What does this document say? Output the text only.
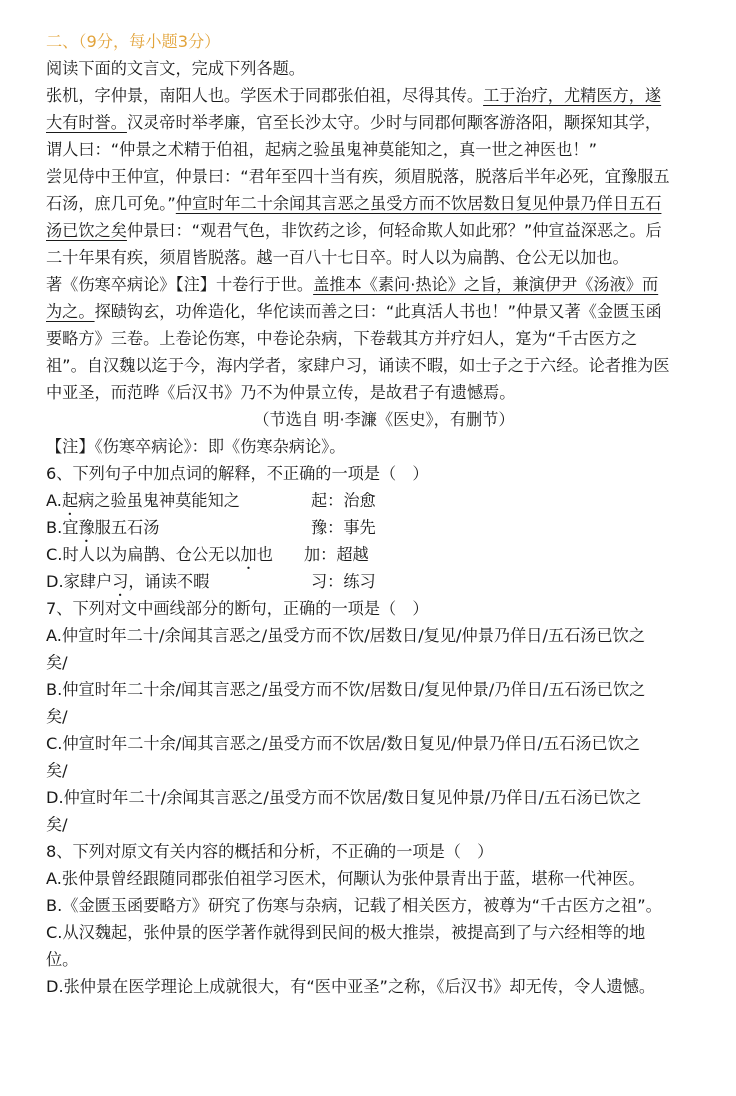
二、（9分，每小题3分）
阅读下面的文言文，完成下列各题。
张机，字仲景，南阳人也。学医术于同郡张伯祖，尽得其传。工于治疗，尤精医方，遂
大有时誉。汉灵帝时举孝廉，官至长沙太守。少时与同郡何颙客游洛阳，颙探知其学，
谓人曰：“仲景之术精于伯祖，起病之验虽鬼神莫能知之，真一世之神医也！”
尝见侍中王仲宣，仲景曰：“君年至四十当有疾，须眉脱落，脱落后半年必死，宜豫服五
石汤，庶几可免。”仲宣时年二十余闻其言恶之虽受方而不饮居数日复见仲景乃佯日五石
汤已饮之矣仲景曰：“观君气色，非饮药之诊，何轻命欺人如此邪？”仲宣益深恶之。后
二十年果有疾，须眉皆脱落。越一百八十七日卒。时人以为扁鹊、仓公无以加也。
著《伤寒卒病论》【注】十卷行于世。盖推本《素问·热论》之旨，兼演伊尹《汤液》而
为之。探赜钩玄，功侔造化，华佗读而善之曰：“此真活人书也！”仲景又著《金匮玉函
要略方》三卷。上卷论伤寒，中卷论杂病，下卷载其方并疗妇人，寔为“千古医方之
祖”。自汉魏以迄于今，海内学者，家肆户习，诵读不暇，如士子之于六经。论者推为医
中亚圣，而范晔《后汉书》乃不为仲景立传，是故君子有遗憾焉。
（节选自 明·李濂《医史》，有删节）
【注】《伤寒卒病论》：即《伤寒杂病论》。
6、下列句子中加点词的解释，不正确的一项是（　）
A.起病之验虽鬼神莫能知之	起：治愈
B.宜豫服五石汤	豫：事先
C.时人以为扁鹊、仓公无以加也 加：超越
D.家肆户习，诵读不暇	习：练习
7、下列对文中画线部分的断句，正确的一项是（　）
A.仲宣时年二十/余闻其言恶之/虽受方而不饮/居数日/复见/仲景乃佯日/五石汤已饮之
矣/
B.仲宣时年二十余/闻其言恶之/虽受方而不饮/居数日/复见仲景/乃佯日/五石汤已饮之
矣/
C.仲宣时年二十余/闻其言恶之/虽受方而不饮居/数日复见/仲景乃佯日/五石汤已饮之
矣/
D.仲宣时年二十/余闻其言恶之/虽受方而不饮居/数日复见仲景/乃佯日/五石汤已饮之
矣/
8、下列对原文有关内容的概括和分析，不正确的一项是（　）
A.张仲景曾经跟随同郡张伯祖学习医术，何颙认为张仲景青出于蓝，堪称一代神医。
B.《金匮玉函要略方》研究了伤寒与杂病，记载了相关医方，被尊为“千古医方之祖”。
C.从汉魏起，张仲景的医学著作就得到民间的极大推崇，被提高到了与六经相等的地
位。
D.张仲景在医学理论上成就很大，有“医中亚圣”之称，《后汉书》却无传，令人遗憾。
